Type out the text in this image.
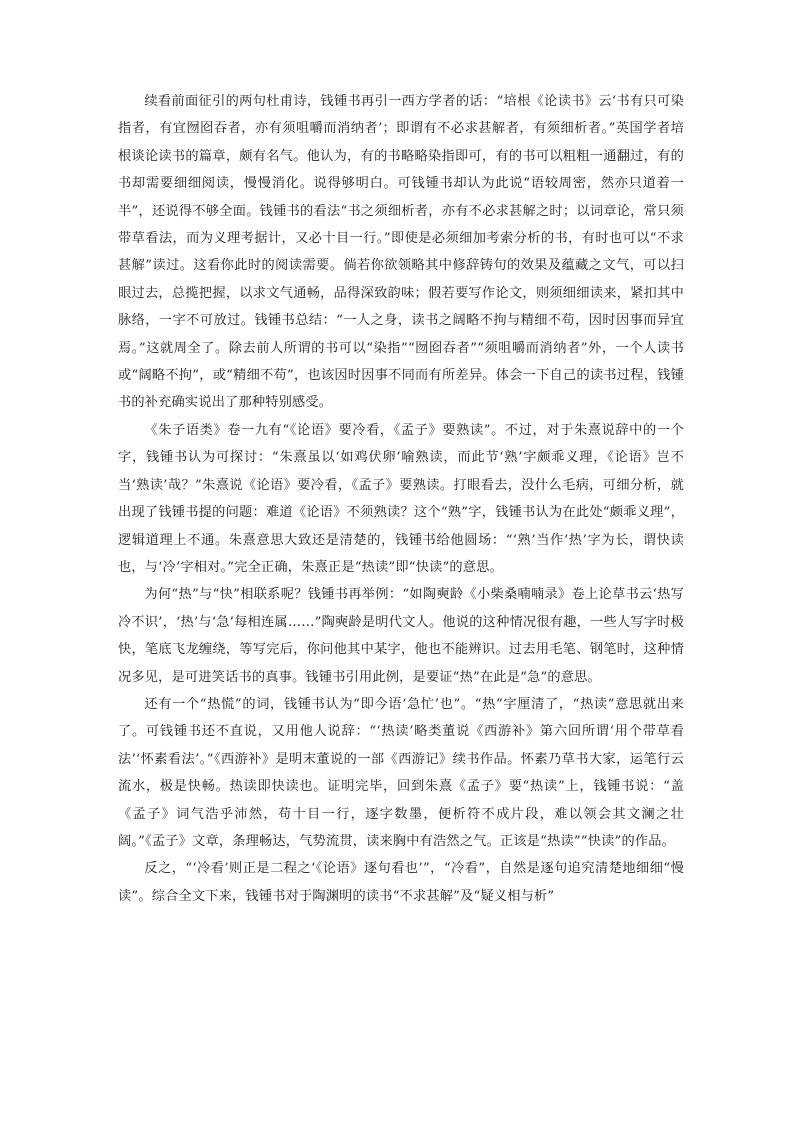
续看前面征引的两句杜甫诗，钱锺书再引一西方学者的话：“培根《论读书》云‘书有只可染指者，有宜囫囵吞者，亦有须咀嚼而消纳者’；即谓有不必求甚解者，有须细析者。”英国学者培根谈论读书的篇章，颇有名气。他认为，有的书略略染指即可，有的书可以粗粗一通翻过，有的书却需要细细阅读，慢慢消化。说得够明白。可钱锺书却认为此说“语较周密，然亦只道着一半”，还说得不够全面。钱锺书的看法“书之须细析者，亦有不必求甚解之时；以词章论，常只须带草看法，而为义理考据计，又必十目一行。”即使是必须细加考索分析的书，有时也可以“不求甚解”读过。这看你此时的阅读需要。倘若你欲领略其中修辞铸句的效果及蕴藏之文气，可以扫眼过去，总揽把握，以求文气通畅，品得深致韵味；假若要写作论文，则须细细读来，紧扣其中脉络，一字不可放过。钱锺书总结：“一人之身，读书之阔略不拘与精细不苟，因时因事而异宜焉。”这就周全了。除去前人所谓的书可以“染指”“囫囵吞者”“须咀嚼而消纳者”外，一个人读书或“阔略不拘”，或“精细不苟”，也该因时因事不同而有所差异。体会一下自己的读书过程，钱锺书的补充确实说出了那种特别感受。

《朱子语类》卷一九有“《论语》要冷看，《孟子》要熟读”。不过，对于朱熹说辞中的一个字，钱锺书认为可探讨：“朱熹虽以‘如鸡伏卵’喻熟读，而此节‘熟’字颇乖义理，《论语》岂不当‘熟读’哉？”朱熹说《论语》要冷看，《孟子》要熟读。打眼看去，没什么毛病，可细分析，就出现了钱锺书提的问题：难道《论语》不须熟读？这个“熟”字，钱锺书认为在此处“颇乖义理”，逻辑道理上不通。朱熹意思大致还是清楚的，钱锺书给他圆场：“‘熟’当作‘热’字为长，谓快读也，与‘冷’字相对。”完全正确，朱熹正是“热读”即“快读”的意思。

为何“热”与“快”相联系呢？钱锺书再举例：“如陶奭龄《小柴桑喃喃录》卷上论草书云‘热写冷不识’，‘热’与‘急’每相连属……”陶奭龄是明代文人。他说的这种情况很有趣，一些人写字时极快，笔底飞龙缠绕，等写完后，你问他其中某字，他也不能辨识。过去用毛笔、钢笔时，这种情况多见，是可进笑话书的真事。钱锺书引用此例，是要证“热”在此是“急”的意思。

还有一个“热慌”的词，钱锺书认为“即今语‘急忙’也”。“热”字厘清了，“热读”意思就出来了。可钱锺书还不直说，又用他人说辞：“‘热读’略类董说《西游补》第六回所谓‘用个带草看法’‘怀素看法’。”《西游补》是明末董说的一部《西游记》续书作品。怀素乃草书大家，运笔行云流水，极是快畅。热读即快读也。证明完毕，回到朱熹《孟子》要“热读”上，钱锺书说：“盖《孟子》词气浩乎沛然，苟十目一行，逐字数墨，便析符不成片段，难以领会其文澜之壮阔。”《孟子》文章，条理畅达，气势流贯，读来胸中有浩然之气。正该是“热读”“快读”的作品。

反之，“‘冷看’则正是二程之‘《论语》逐句看也’”，“冷看”，自然是逐句追究清楚地细细“慢读”。综合全文下来，钱锺书对于陶渊明的读书“不求甚解”及“疑义相与析”
